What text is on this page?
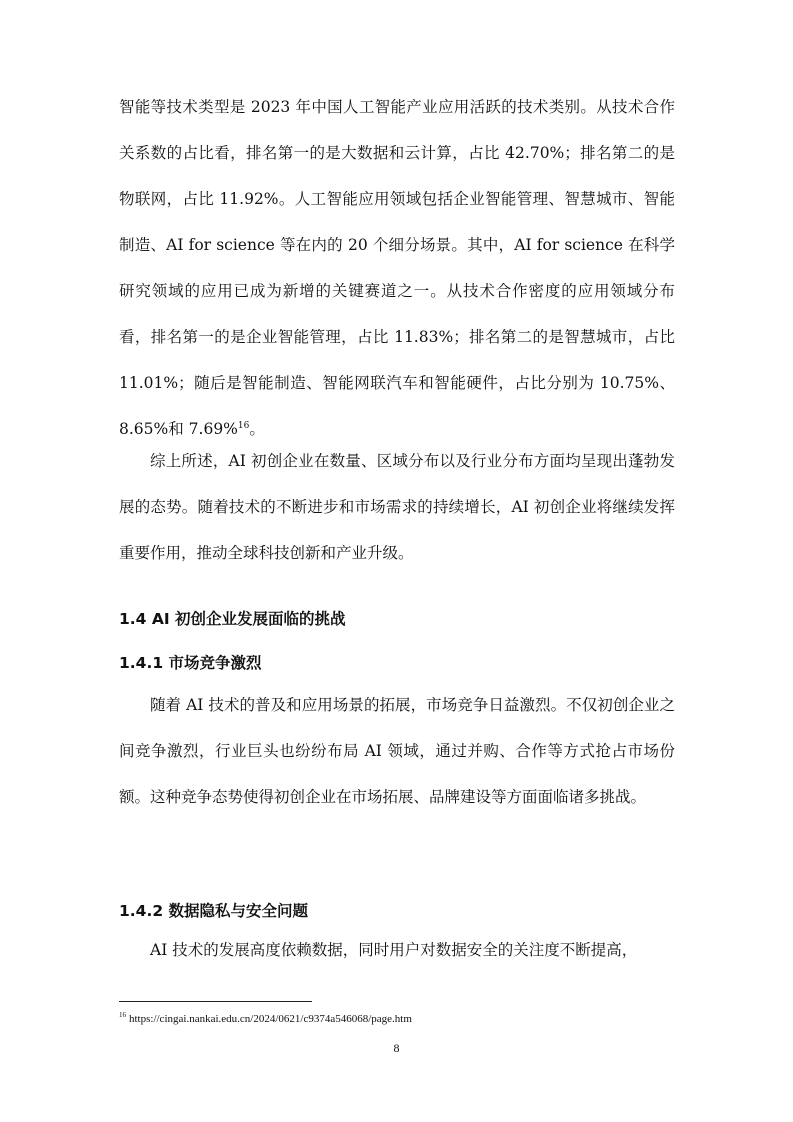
智能等技术类型是 2023 年中国人工智能产业应用活跃的技术类别。从技术合作关系数的占比看，排名第一的是大数据和云计算，占比 42.70%；排名第二的是物联网，占比 11.92%。人工智能应用领域包括企业智能管理、智慧城市、智能制造、AI for science 等在内的 20 个细分场景。其中，AI for science 在科学研究领域的应用已成为新增的关键赛道之一。从技术合作密度的应用领域分布看，排名第一的是企业智能管理，占比 11.83%；排名第二的是智慧城市，占比 11.01%；随后是智能制造、智能网联汽车和智能硬件，占比分别为 10.75%、8.65%和 7.69%$^{16}$。

综上所述，AI 初创企业在数量、区域分布以及行业分布方面均呈现出蓬勃发展的态势。随着技术的不断进步和市场需求的持续增长，AI 初创企业将继续发挥重要作用，推动全球科技创新和产业升级。

1.4 AI 初创企业发展面临的挑战
1.4.1 市场竞争激烈

随着 AI 技术的普及和应用场景的拓展，市场竞争日益激烈。不仅初创企业之间竞争激烈，行业巨头也纷纷布局 AI 领域，通过并购、合作等方式抢占市场份额。这种竞争态势使得初创企业在市场拓展、品牌建设等方面面临诸多挑战。

1.4.2 数据隐私与安全问题

AI 技术的发展高度依赖数据，同时用户对数据安全的关注度不断提高，

$^{16}$ https://cingai.nankai.edu.cn/2024/0621/c9374a546068/page.htm
8
